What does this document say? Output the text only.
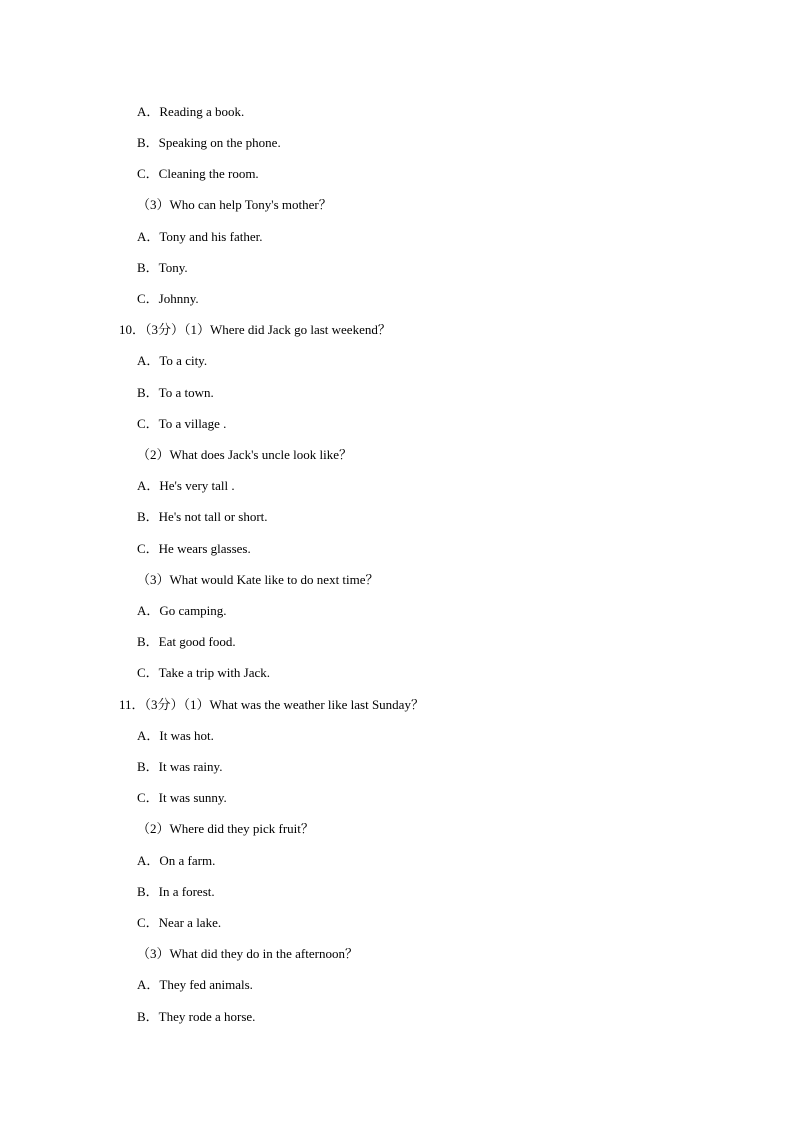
A．Reading a book.
B．Speaking on the phone.
C．Cleaning the room.
（3）Who can help Tony's mother？
A．Tony and his father.
B．Tony.
C．Johnny.
10．（3分）（1）Where did Jack go last weekend？
A．To a city.
B．To a town.
C．To a village .
（2）What does Jack's uncle look like？
A．He's very tall .
B．He's not tall or short.
C．He wears glasses.
（3）What would Kate like to do next time？
A．Go camping.
B．Eat good food.
C．Take a trip with Jack.
11．（3分）（1）What was the weather like last Sunday？
A．It was hot.
B．It was rainy.
C．It was sunny.
（2）Where did they pick fruit？
A．On a farm.
B．In a forest.
C．Near a lake.
（3）What did they do in the afternoon？
A．They fed animals.
B．They rode a horse.
